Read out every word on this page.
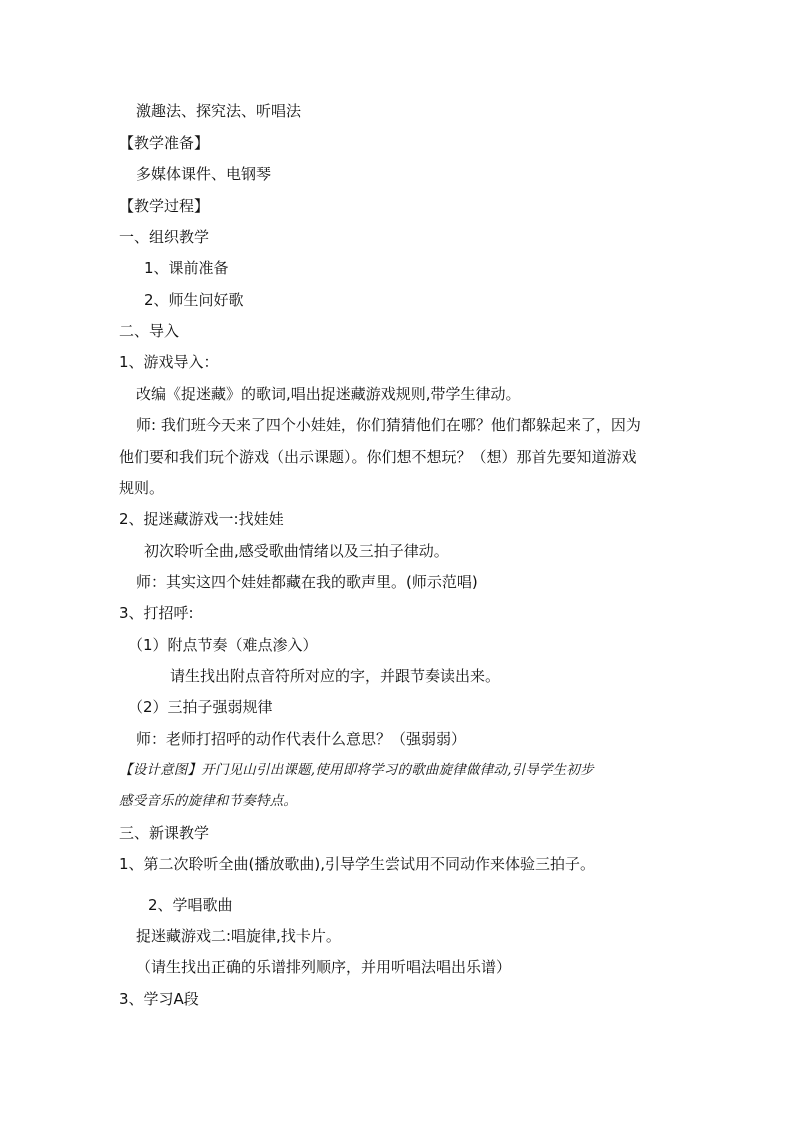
激趣法、探究法、听唱法
【教学准备】
多媒体课件、电钢琴
【教学过程】
一、组织教学
1、课前准备
2、师生问好歌
二、导入
1、游戏导入：
改编《捉迷藏》的歌词,唱出捉迷藏游戏规则,带学生律动。
师: 我们班今天来了四个小娃娃，你们猜猜他们在哪？他们都躲起来了，因为
他们要和我们玩个游戏（出示课题）。你们想不想玩？（想）那首先要知道游戏
规则。
2、捉迷藏游戏一:找娃娃
初次聆听全曲,感受歌曲情绪以及三拍子律动。
师：其实这四个娃娃都藏在我的歌声里。(师示范唱)
3、打招呼:
（1）附点节奏（难点渗入）
请生找出附点音符所对应的字，并跟节奏读出来。
（2）三拍子强弱规律
师：老师打招呼的动作代表什么意思？（强弱弱）
【设计意图】开门见山引出课题,使用即将学习的歌曲旋律做律动,引导学生初步
感受音乐的旋律和节奏特点。
三、新课教学
1、第二次聆听全曲(播放歌曲),引导学生尝试用不同动作来体验三拍子。
2、学唱歌曲
捉迷藏游戏二:唱旋律,找卡片。
（请生找出正确的乐谱排列顺序，并用听唱法唱出乐谱）
3、学习A段
